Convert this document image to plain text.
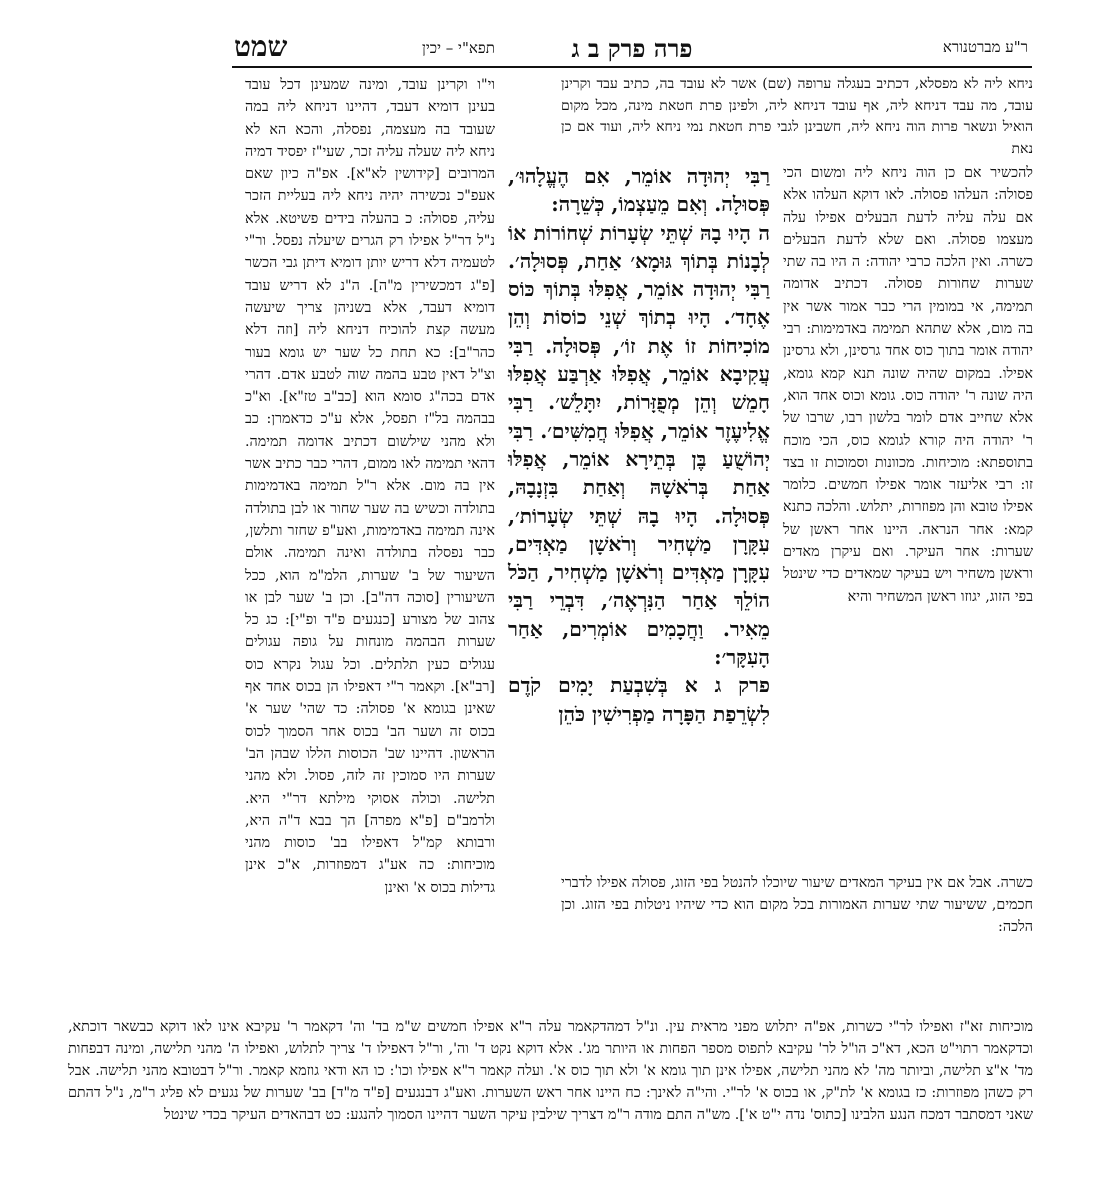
ר"ע מברטנורא
פרה פרק ב ג
תפא"י – יכין
שמט

ניחא ליה לא מפסלא, דכתיב בעגלה ערופה (שם) אשר לא עובד בה, כתיב עבד וקרינן עובד, מה עבד דניחא ליה, אף עובד דניחא ליה, ולפינן פרת חטאת מינה, מכל מקום הואיל ונשאר פרות הוה ניחא ליה, חשבינן לגבי פרת חטאת נמי ניחא ליה, ועוד אם כן נאת

להכשיר אם כן הוה ניחא ליה ומשום הכי פסולה: העלהו פסולה. לאו דוקא העלהו אלא אם עלה עליה לדעת הבעלים אפילו עלה מעצמו פסולה. ואם שלא לדעת הבעלים כשרה. ואין הלכה כרבי יהודה: ה היו בה שתי שערות שחורות פסולה. דכתיב אדומה תמימה, אי במומין הרי כבר אמור אשר אין בה מום, אלא שתהא תמימה באדמימות: רבי יהודה אומר בתוך כוס אחד גרסינן, ולא גרסינן אפילו. במקום שהיה שונה תנא קמא גומא, היה שונה ר' יהודה כוס. גומא וכוס אחד הוא, אלא שחייב אדם לומר בלשון רבו, שרבו של ר' יהודה היה קורא לגומא כוס, הכי מוכח בתוספתא: מוכיחות. מכוונות וסמוכות זו בצד זו: רבי אליעזר אומר אפילו חמשים. כלומר אפילו טובא והן מפוזרות, יתלוש. והלכה כתנא קמא: אחר הנראה. היינו אחר ראשן של שערות: אחר העיקר. ואם עיקרן מאדים וראשן משחיר ויש בעיקר שמאדים כדי שינטל בפי הזוג, יגוזו ראשן המשחיר והיא

רַבִּי יְהוּדָה אוֹמֵר, אִם הֶעֱלָהוּ׳, פְּסוּלָה. וְאִם מֵעַצְמוֹ, כְּשֵׁרָה:

ה הָיוּ בָהּ שְׁתֵּי שְׂעָרוֹת שְׁחוֹרוֹת אוֹ לְבָנוֹת בְּתוֹךְ גּוּמָא׳ אַחַת, פְּסוּלָה׳. רַבִּי יְהוּדָה אוֹמֵר, אֲפִלּוּ בְּתוֹךְ כּוֹס אֶחָד׳. הָיוּ בְתוֹךְ שְׁנֵי כוֹסוֹת וְהֵן מוֹכִיחוֹת זוֹ אֶת זוֹ׳, פְּסוּלָה. רַבִּי עֲקִיבָא אוֹמֵר, אֲפִלּוּ אַרְבַּע אֲפִלּוּ חָמֵשׁ וְהֵן מְפֻזָּרוֹת, יִתָּלֵשׁ׳. רַבִּי אֱלִיעֶזֶר אוֹמֵר, אֲפִלּוּ חֲמִשִּׁים׳. רַבִּי יְהוֹשֻׁעַ בֶּן בְּתֵירָא אוֹמֵר, אֲפִלּוּ אַחַת בְּרֹאשָׁהּ וְאַחַת בִּזְנָבָהּ, פְּסוּלָה. הָיוּ בָהּ שְׁתֵּי שְׂעָרוֹת׳, עִקָּרָן מַשְׁחִיר וְרֹאשָׁן מַאְדִּים, עִקָּרָן מַאְדִּים וְרֹאשָׁן מַשְׁחִיר, הַכֹּל הוֹלֵךְ אַחַר הַנִּרְאֶה׳, דִּבְרֵי רַבִּי מֵאִיר. וַחֲכָמִים אוֹמְרִים, אַחַר הָעִקָּר׳:

פרק ג א בְּשִׁבְעַת יָמִים קֹדֶם לִשְׂרֵפַת הַפָּרָה מַפְרִישִׁין כֹּהֵן

וי"ו וקרינן עובד, ומינה שמעינן דכל עובד בעינן דומיא דעבד, דהיינו דניחא ליה במה שעובד בה מעצמה, נפסלה, והכא הא לא ניחא ליה שעלה עליה זכר, שעי"ז יפסיד דמיה המרובים [קידושין לא"א]. אפ"ה כיון שאם אעפ"כ נכשירה יהיה ניחא ליה בעליית הזכר עליה, פסולה: כ בהעלה בידים פשיטא. אלא נ"ל דר"ל אפילו רק הגרים שיעלה נפסל. ור"י לטעמיה דלא דריש יותן דומיא דיתן גבי הכשר [פ"ג דמכשירין מ"ה]. ה"נ לא דריש עובד דומיא דעבד, אלא בשניהן צריך שיעשה מעשה קצת להוכיח דניחא ליה [וזה דלא כהר"ב]: כא תחת כל שער יש גומא בעור וצ"ל דאין טבע בהמה שוה לטבע אדם. דהרי אדם בכה"ג סומא הוא [כב"ב טז"א]. וא"כ בבהמה בל"ז תפסל, אלא ע"כ כדאמרן: כב ולא מהני שילשום דכתיב אדומה תמימה. דהאי תמימה לאו ממום, דהרי כבר כתיב אשר אין בה מום. אלא ר"ל תמימה באדמימות בתולדה וכשיש בה שער שחור או לבן בתולדה אינה תמימה באדמימות, ואע"פ שחזר ותלשן, כבר נפסלה בתולדה ואינה תמימה. אולם השיעור של ב' שערות, הלמ"מ הוא, ככל השיעורין [סוכה דה"ב]. וכן ב' שער לבן או צהוב של מצורע [כנגעים פ"ד ופ"י]: כג כל שערות הבהמה מונחות על גופה עגולים עגולים כעין תלתלים. וכל עגול נקרא כוס [רב"א]. וקאמר ר"י דאפילו הן בכוס אחד אף שאינן בגומא א' פסולה: כד שהי' שער א' בכוס זה ושער הב' בכוס אחר הסמוך לכוס הראשון. דהיינו שב' הכוסות הללו שבהן הב' שערות היו סמוכין זה לזה, פסול. ולא מהני תלישה. וכולה אסוקי מילתא דר"י היא. ולרמב"ם [פ"א מפרה] הך בבא ד"ה היא, ורבותא קמ"ל דאפילו בב' כוסות מהני מוכיחות: כה אע"ג דמפוזרות, א"כ אינן גדילות בכוס א' ואינן	כשרה. אבל אם אין בעיקר המאדים שיעור שיוכלו להנטל בפי הזוג, פסולה אפילו לדברי חכמים, ששיעור שתי שערות האמורות בכל מקום הוא כדי שיהיו ניטלות בפי הזוג. וכן הלכה:

מוכיחות זא"ז ואפילו לר"י כשרות, אפ"ה יתלוש מפני מראית עין. ונ"ל דמהדקאמר עלה ר"א אפילו חמשים ש"מ בד' וה' דקאמר ר' עקיבא אינו לאו דוקא כבשאר דוכתא, וכדקאמר רתוי"ט הכא, דא"כ הו"ל לר' עקיבא לתפוס מספר הפחות או היותר מג'. אלא דוקא נקט ד' וה', ור"ל דאפילו ד' צריך לתלוש, ואפילו ה' מהני תלישה, ומינה דבפחות מד' א"צ תלישה, וביותר מה' לא מהני תלישה, אפילו אינן תוך גומא א' ולא תוך כוס א'. ועלה קאמר ר"א אפילו וכו': כו הא ודאי גוזמא קאמר. ור"ל דבטובא מהני תלישה. אבל רק כשהן מפוזרות: כז בגומא א' לת"ק, או בכוס א' לר"י. והי"ה לאינך: כח היינו אחר ראש השערות. ואע"ג דבנגעים [פ"ד מ"ד] בב' שערות של נגעים לא פליג ר"מ, נ"ל דהתם שאני דמסתבר דמכח הנגע הלבינו [כתוס' נדה י"ט א']. מש"ה התם מודה ר"מ דצריך שילבין עיקר השער דהיינו הסמוך להנגע: כט דבהאדים העיקר בכדי שינטל
